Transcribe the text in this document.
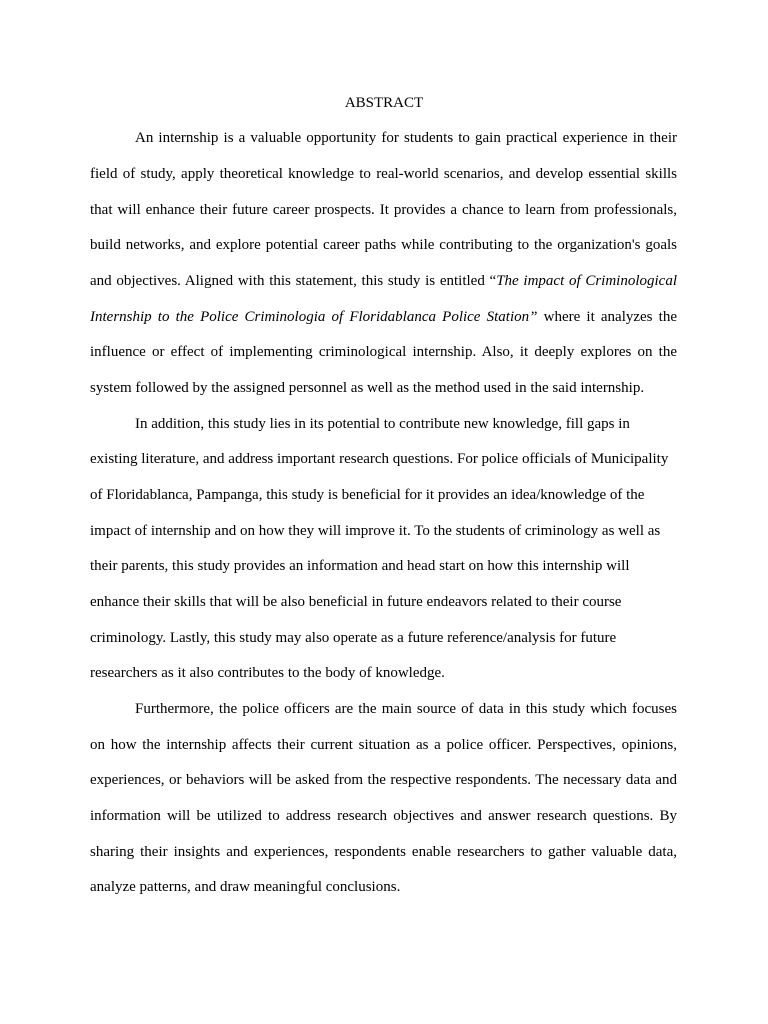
ABSTRACT
An internship is a valuable opportunity for students to gain practical experience in their
field of study, apply theoretical knowledge to real-world scenarios, and develop essential skills
that will enhance their future career prospects. It provides a chance to learn from professionals,
build networks, and explore potential career paths while contributing to the organization's goals
and objectives. Aligned with this statement, this study is entitled “The impact of Criminological
Internship to the Police Criminologia of Floridablanca Police Station” where it analyzes the
influence or effect of implementing criminological internship. Also, it deeply explores on the
system followed by the assigned personnel as well as the method used in the said internship.
In addition, this study lies in its potential to contribute new knowledge, fill gaps in
existing literature, and address important research questions. For police officials of Municipality
of Floridablanca, Pampanga, this study is beneficial for it provides an idea/knowledge of the
impact of internship and on how they will improve it. To the students of criminology as well as
their parents, this study provides an information and head start on how this internship will
enhance their skills that will be also beneficial in future endeavors related to their course
criminology. Lastly, this study may also operate as a future reference/analysis for future
researchers as it also contributes to the body of knowledge.
Furthermore, the police officers are the main source of data in this study which focuses
on how the internship affects their current situation as a police officer. Perspectives, opinions,
experiences, or behaviors will be asked from the respective respondents. The necessary data and
information will be utilized to address research objectives and answer research questions. By
sharing their insights and experiences, respondents enable researchers to gather valuable data,
analyze patterns, and draw meaningful conclusions.
